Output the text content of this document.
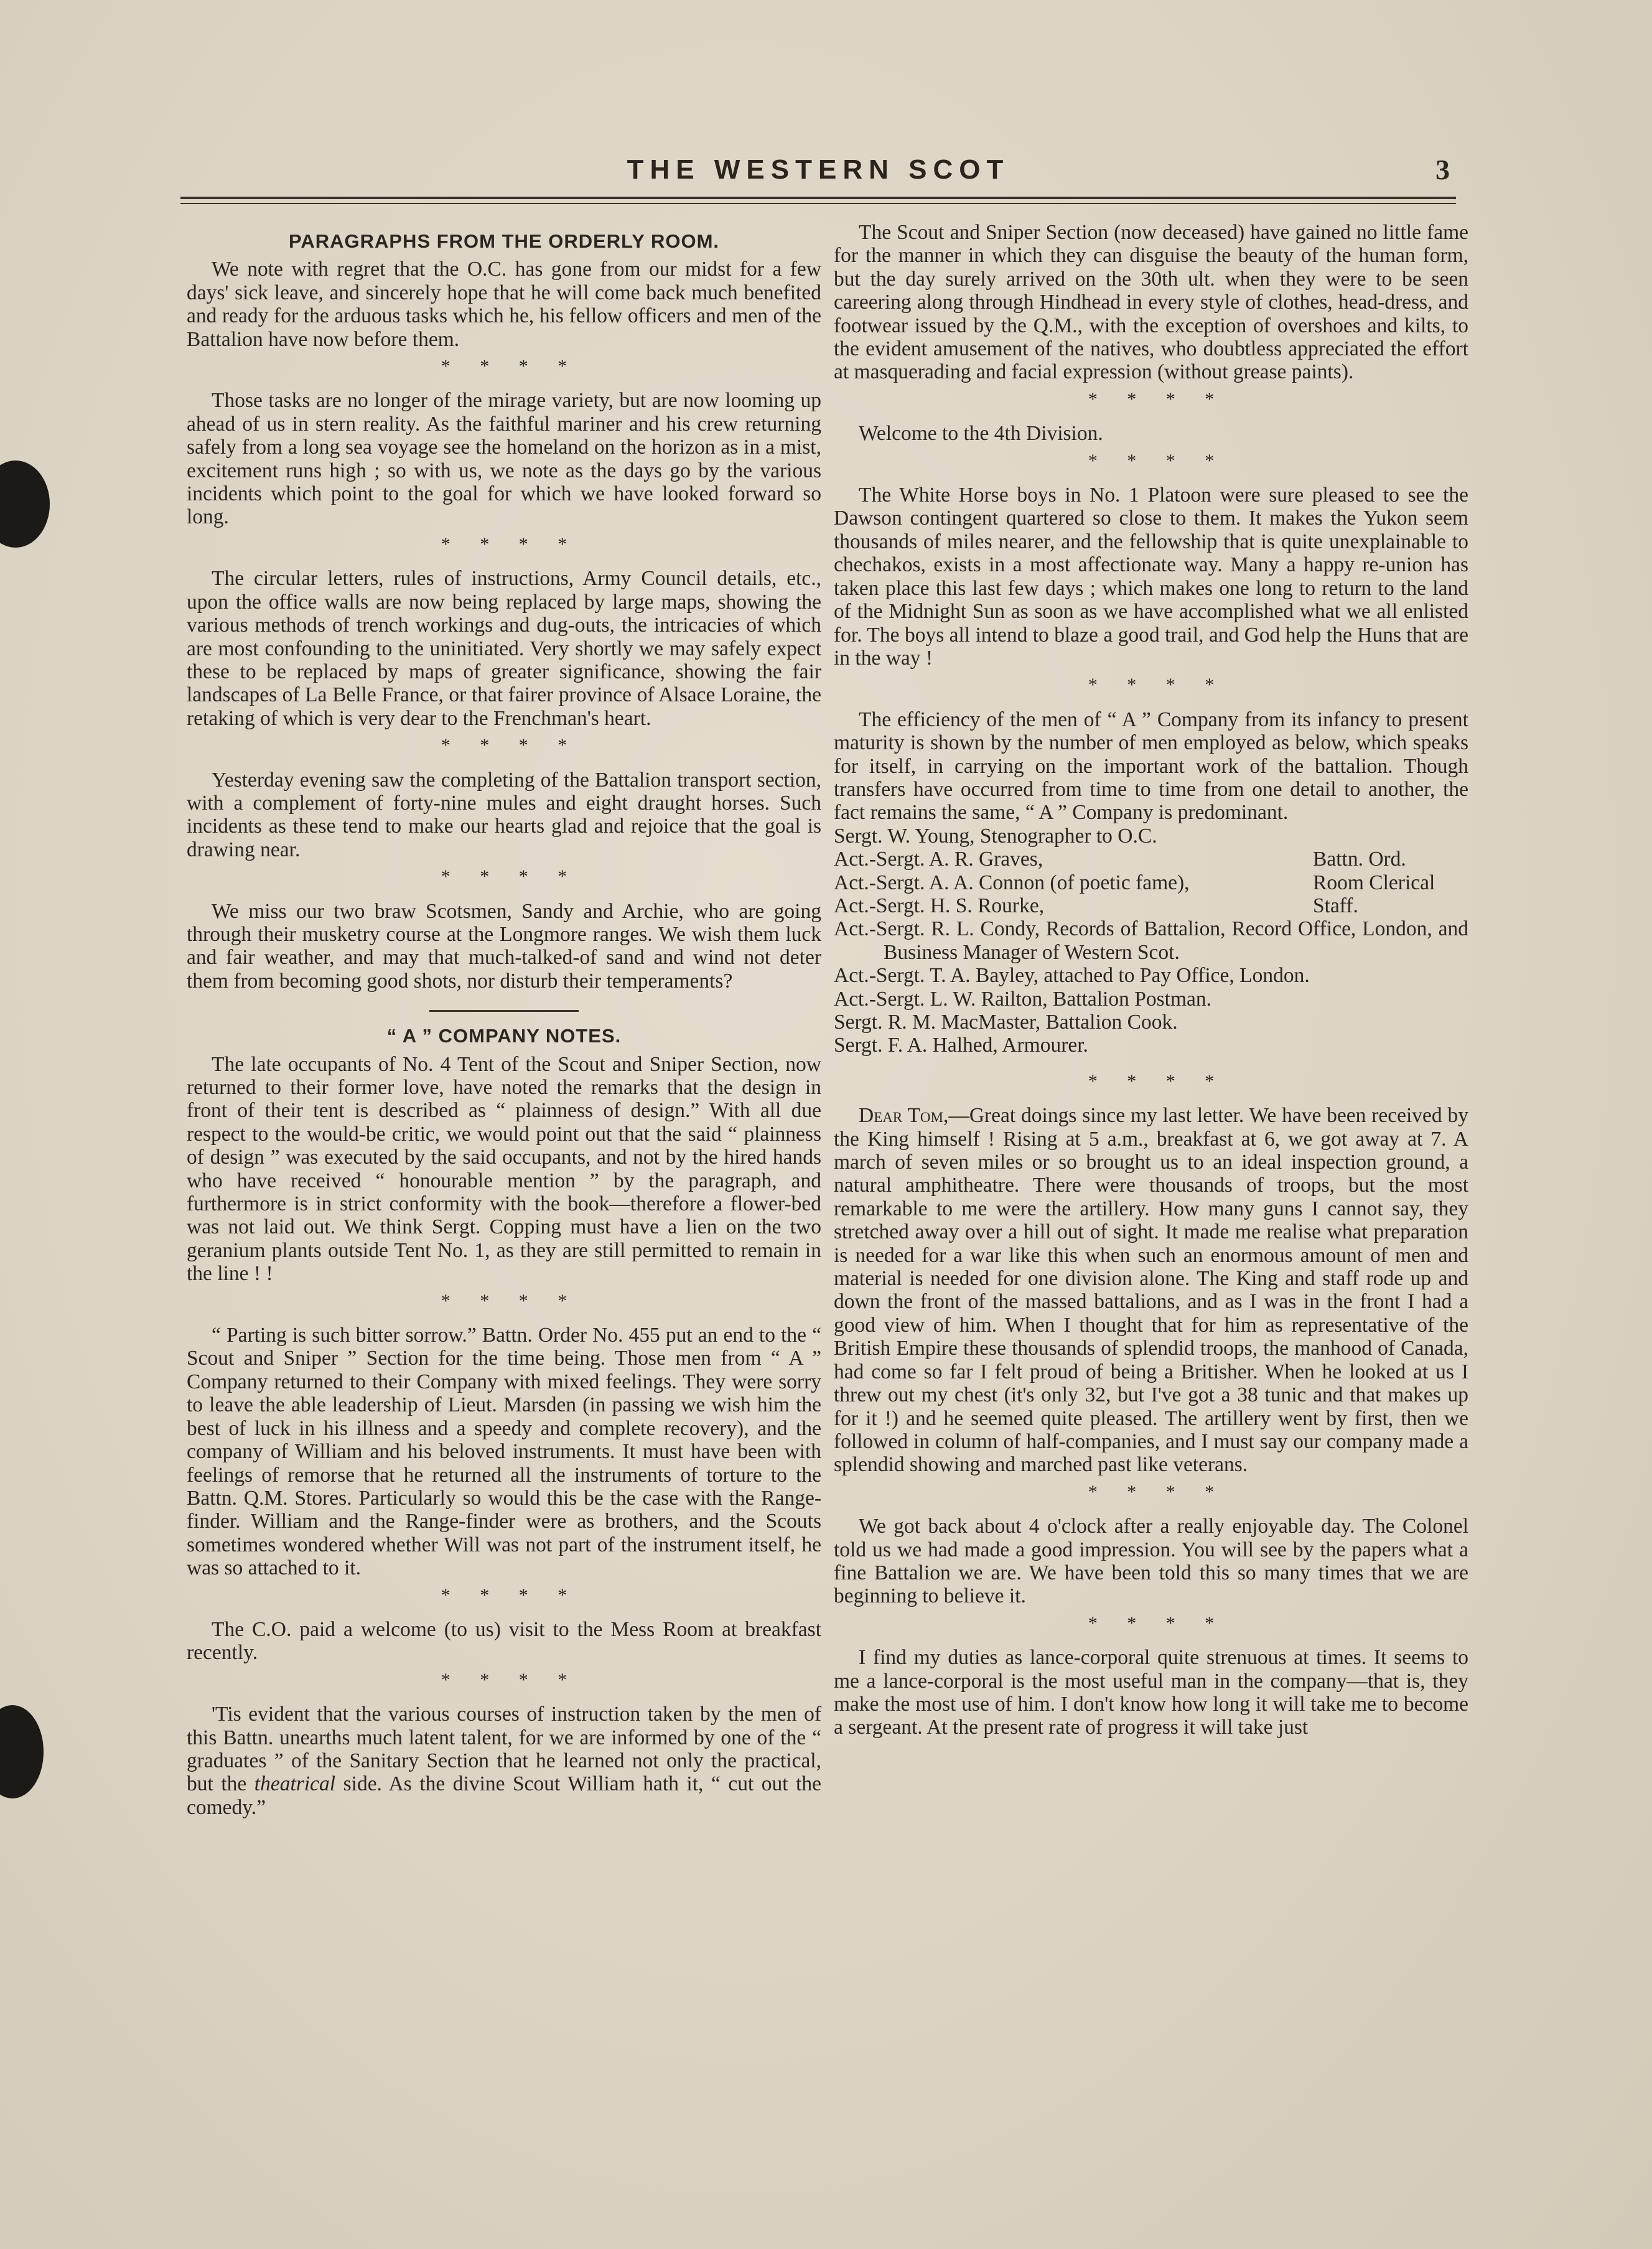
THE WESTERN SCOT	3
PARAGRAPHS FROM THE ORDERLY ROOM.

We note with regret that the O.C. has gone from our midst for a few days' sick leave, and sincerely hope that he will come back much benefited and ready for the arduous tasks which he, his fellow officers and men of the Battalion have now before them.

* * * *

Those tasks are no longer of the mirage variety, but are now looming up ahead of us in stern reality. As the faithful mariner and his crew returning safely from a long sea voyage see the homeland on the horizon as in a mist, excitement runs high ; so with us, we note as the days go by the various incidents which point to the goal for which we have looked forward so long.

* * * *

The circular letters, rules of instructions, Army Council details, etc., upon the office walls are now being replaced by large maps, showing the various methods of trench workings and dug-outs, the intricacies of which are most confounding to the uninitiated. Very shortly we may safely expect these to be replaced by maps of greater significance, showing the fair landscapes of La Belle France, or that fairer province of Alsace Loraine, the retaking of which is very dear to the Frenchman's heart.

* * * *

Yesterday evening saw the completing of the Battalion transport section, with a complement of forty-nine mules and eight draught horses. Such incidents as these tend to make our hearts glad and rejoice that the goal is drawing near.

* * * *

We miss our two braw Scotsmen, Sandy and Archie, who are going through their musketry course at the Longmore ranges. We wish them luck and fair weather, and may that much-talked-of sand and wind not deter them from becoming good shots, nor disturb their temperaments?

“ A ” COMPANY NOTES.

The late occupants of No. 4 Tent of the Scout and Sniper Section, now returned to their former love, have noted the remarks that the design in front of their tent is described as “ plainness of design.” With all due respect to the would-be critic, we would point out that the said “ plainness of design ” was executed by the said occupants, and not by the hired hands who have received “ honourable mention ” by the paragraph, and furthermore is in strict conformity with the book—therefore a flower-bed was not laid out. We think Sergt. Copping must have a lien on the two geranium plants outside Tent No. 1, as they are still permitted to remain in the line ! !

* * * *

“ Parting is such bitter sorrow.” Battn. Order No. 455 put an end to the “ Scout and Sniper ” Section for the time being. Those men from “ A ” Company returned to their Company with mixed feelings. They were sorry to leave the able leadership of Lieut. Marsden (in passing we wish him the best of luck in his illness and a speedy and complete recovery), and the company of William and his beloved instruments. It must have been with feelings of remorse that he returned all the instruments of torture to the Battn. Q.M. Stores. Particularly so would this be the case with the Range-finder. William and the Range-finder were as brothers, and the Scouts sometimes wondered whether Will was not part of the instrument itself, he was so attached to it.

* * * *

The C.O. paid a welcome (to us) visit to the Mess Room at breakfast recently.

* * * *

'Tis evident that the various courses of instruction taken by the men of this Battn. unearths much latent talent, for we are informed by one of the “ graduates ” of the Sanitary Section that he learned not only the practical, but the theatrical side. As the divine Scout William hath it, “ cut out the comedy.”

The Scout and Sniper Section (now deceased) have gained no little fame for the manner in which they can disguise the beauty of the human form, but the day surely arrived on the 30th ult. when they were to be seen careering along through Hindhead in every style of clothes, head-dress, and footwear issued by the Q.M., with the exception of overshoes and kilts, to the evident amusement of the natives, who doubtless appreciated the effort at masquerading and facial expression (without grease paints).

* * * *

Welcome to the 4th Division.

* * * *

The White Horse boys in No. 1 Platoon were sure pleased to see the Dawson contingent quartered so close to them. It makes the Yukon seem thousands of miles nearer, and the fellowship that is quite unexplainable to chechakos, exists in a most affectionate way. Many a happy re-union has taken place this last few days ; which makes one long to return to the land of the Midnight Sun as soon as we have accomplished what we all enlisted for. The boys all intend to blaze a good trail, and God help the Huns that are in the way !

* * * *

The efficiency of the men of “ A ” Company from its infancy to present maturity is shown by the number of men employed as below, which speaks for itself, in carrying on the important work of the battalion. Though transfers have occurred from time to time from one detail to another, the fact remains the same, “ A ” Company is predominant.

Sergt. W. Young, Stenographer to O.C.
Act.-Sergt. A. R. Graves,	Battn. Ord.
Act.-Sergt. A. A. Connon (of poetic fame),	Room Clerical
Act.-Sergt. H. S. Rourke,	Staff.

Act.-Sergt. R. L. Condy, Records of Battalion, Record Office, London, and Business Manager of Western Scot.

Act.-Sergt. T. A. Bayley, attached to Pay Office, London.
Act.-Sergt. L. W. Railton, Battalion Postman.
Sergt. R. M. MacMaster, Battalion Cook.
Sergt. F. A. Halhed, Armourer.
* * * *

Dear Tom,—Great doings since my last letter. We have been received by the King himself ! Rising at 5 a.m., breakfast at 6, we got away at 7. A march of seven miles or so brought us to an ideal inspection ground, a natural amphitheatre. There were thousands of troops, but the most remarkable to me were the artillery. How many guns I cannot say, they stretched away over a hill out of sight. It made me realise what preparation is needed for a war like this when such an enormous amount of men and material is needed for one division alone. The King and staff rode up and down the front of the massed battalions, and as I was in the front I had a good view of him. When I thought that for him as representative of the British Empire these thousands of splendid troops, the manhood of Canada, had come so far I felt proud of being a Britisher. When he looked at us I threw out my chest (it's only 32, but I've got a 38 tunic and that makes up for it !) and he seemed quite pleased. The artillery went by first, then we followed in column of half-companies, and I must say our company made a splendid showing and marched past like veterans.

* * * *

We got back about 4 o'clock after a really enjoyable day. The Colonel told us we had made a good impression. You will see by the papers what a fine Battalion we are. We have been told this so many times that we are beginning to believe it.

* * * *

I find my duties as lance-corporal quite strenuous at times. It seems to me a lance-corporal is the most useful man in the company—that is, they make the most use of him. I don't know how long it will take me to become a sergeant. At the present rate of progress it will take just
